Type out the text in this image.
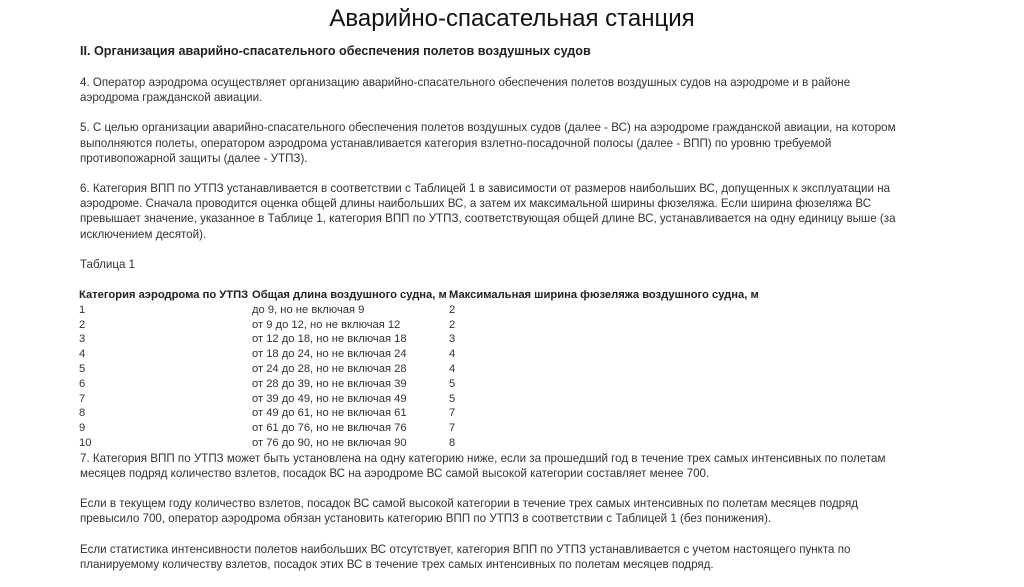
Аварийно-спасательная станция
II. Организация аварийно-спасательного обеспечения полетов воздушных судов
4. Оператор аэродрома осуществляет организацию аварийно-спасательного обеспечения полетов воздушных судов на аэродроме и в районе аэродрома гражданской авиации.
5. С целью организации аварийно-спасательного обеспечения полетов воздушных судов (далее - ВС) на аэродроме гражданской авиации, на котором выполняются полеты, оператором аэродрома устанавливается категория взлетно-посадочной полосы (далее - ВПП) по уровню требуемой противопожарной защиты (далее - УТПЗ).
6. Категория ВПП по УТПЗ устанавливается в соответствии с Таблицей 1 в зависимости от размеров наибольших ВС, допущенных к эксплуатации на аэродроме. Сначала проводится оценка общей длины наибольших ВС, а затем их максимальной ширины фюзеляжа. Если ширина фюзеляжа ВС превышает значение, указанное в Таблице 1, категория ВПП по УТПЗ, соответствующая общей длине ВС, устанавливается на одну единицу выше (за исключением десятой).
Таблица 1
Категория аэродрома по УТПЗ	Общая длина воздушного судна, м	Максимальная ширина фюзеляжа воздушного судна, м
1	до 9, но не включая 9	2
2	от 9 до 12, но не включая 12	2
3	от 12 до 18, но не включая 18	3
4	от 18 до 24, но не включая 24	4
5	от 24 до 28, но не включая 28	4
6	от 28 до 39, но не включая 39	5
7	от 39 до 49, но не включая 49	5
8	от 49 до 61, но не включая 61	7
9	от 61 до 76, но не включая 76	7
10	от 76 до 90, но не включая 90	8
7. Категория ВПП по УТПЗ может быть установлена на одну категорию ниже, если за прошедший год в течение трех самых интенсивных по полетам месяцев подряд количество взлетов, посадок ВС на аэродроме ВС самой высокой категории составляет менее 700.
Если в текущем году количество взлетов, посадок ВС самой высокой категории в течение трех самых интенсивных по полетам месяцев подряд превысило 700, оператор аэродрома обязан установить категорию ВПП по УТПЗ в соответствии с Таблицей 1 (без понижения).
Если статистика интенсивности полетов наибольших ВС отсутствует, категория ВПП по УТПЗ устанавливается с учетом настоящего пункта по планируемому количеству взлетов, посадок этих ВС в течение трех самых интенсивных по полетам месяцев подряд.
